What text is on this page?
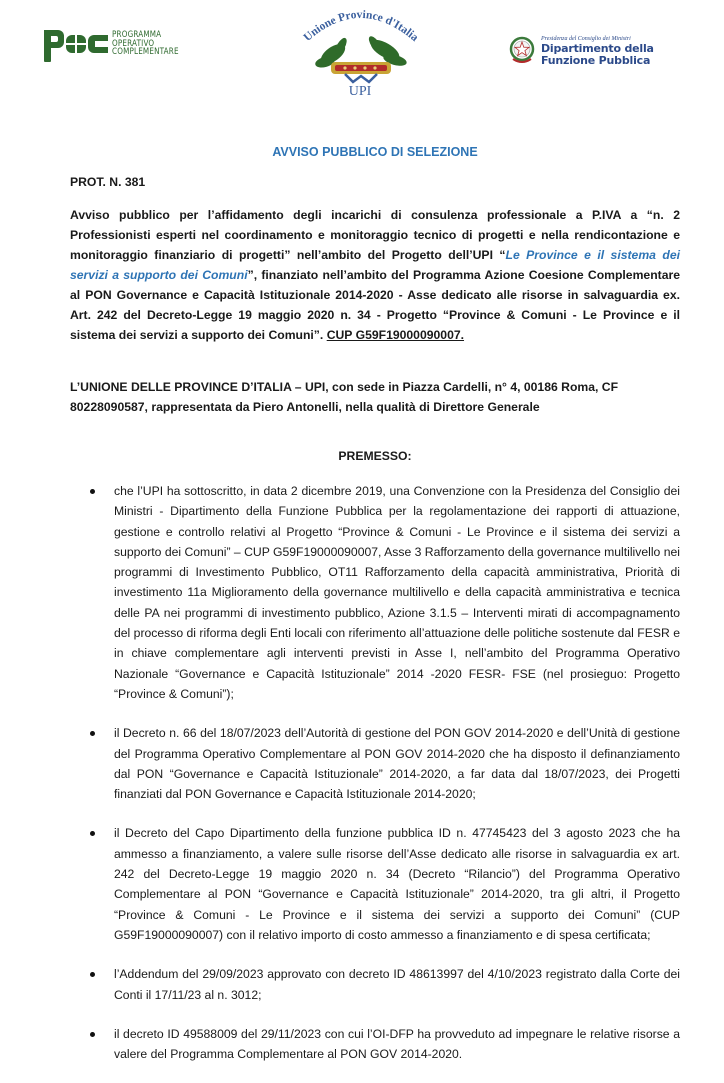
PROGRAMMA
OPERATIVO
COMPLEMENTARE
Unione Province d'Italia
UPI
Presidenza del Consiglio dei Ministri
Dipartimento della
Funzione Pubblica
AVVISO PUBBLICO DI SELEZIONE
PROT. N. 381

Avviso pubblico per l’affidamento degli incarichi di consulenza professionale a P.IVA a “n. 2 Professionisti esperti nel coordinamento e monitoraggio tecnico di progetti e nella rendicontazione e monitoraggio finanziario di progetti” nell’ambito del Progetto dell’UPI “Le Province e il sistema dei servizi a supporto dei Comuni”, finanziato nell’ambito del Programma Azione Coesione Complementare al PON Governance e Capacità Istituzionale 2014-2020 - Asse dedicato alle risorse in salvaguardia ex. Art. 242 del Decreto-Legge 19 maggio 2020 n. 34 - Progetto “Province & Comuni - Le Province e il sistema dei servizi a supporto dei Comuni”. CUP G59F19000090007.

L’UNIONE DELLE PROVINCE D’ITALIA – UPI, con sede in Piazza Cardelli, n° 4, 00186 Roma, CF 80228090587, rappresentata da Piero Antonelli, nella qualità di Direttore Generale

PREMESSO:
che l’UPI ha sottoscritto, in data 2 dicembre 2019, una Convenzione con la Presidenza del Consiglio dei Ministri - Dipartimento della Funzione Pubblica per la regolamentazione dei rapporti di attuazione, gestione e controllo relativi al Progetto “Province & Comuni - Le Province e il sistema dei servizi a supporto dei Comuni” – CUP G59F19000090007, Asse 3 Rafforzamento della governance multilivello nei programmi di Investimento Pubblico, OT11 Rafforzamento della capacità amministrativa, Priorità di investimento 11a Miglioramento della governance multilivello e della capacità amministrativa e tecnica delle PA nei programmi di investimento pubblico, Azione 3.1.5 – Interventi mirati di accompagnamento del processo di riforma degli Enti locali con riferimento all’attuazione delle politiche sostenute dal FESR e in chiave complementare agli interventi previsti in Asse I, nell’ambito del Programma Operativo Nazionale “Governance e Capacità Istituzionale” 2014 -2020 FESR- FSE (nel prosieguo: Progetto “Province & Comuni”);
il Decreto n. 66 del 18/07/2023 dell’Autorità di gestione del PON GOV 2014-2020 e dell’Unità di gestione del Programma Operativo Complementare al PON GOV 2014-2020 che ha disposto il definanziamento dal PON “Governance e Capacità Istituzionale” 2014-2020, a far data dal 18/07/2023, dei Progetti finanziati dal PON Governance e Capacità Istituzionale 2014-2020;
il Decreto del Capo Dipartimento della funzione pubblica ID n. 47745423 del 3 agosto 2023 che ha ammesso a finanziamento, a valere sulle risorse dell’Asse dedicato alle risorse in salvaguardia ex art. 242 del Decreto-Legge 19 maggio 2020 n. 34 (Decreto “Rilancio”) del Programma Operativo Complementare al PON “Governance e Capacità Istituzionale” 2014-2020, tra gli altri, il Progetto “Province & Comuni - Le Province e il sistema dei servizi a supporto dei Comuni” (CUP G59F19000090007) con il relativo importo di costo ammesso a finanziamento e di spesa certificata;
l’Addendum del 29/09/2023 approvato con decreto ID 48613997 del 4/10/2023 registrato dalla Corte dei Conti il 17/11/23 al n. 3012;
il decreto ID 49588009 del 29/11/2023 con cui l’OI-DFP ha provveduto ad impegnare le relative risorse a valere del Programma Complementare al PON GOV 2014-2020.
